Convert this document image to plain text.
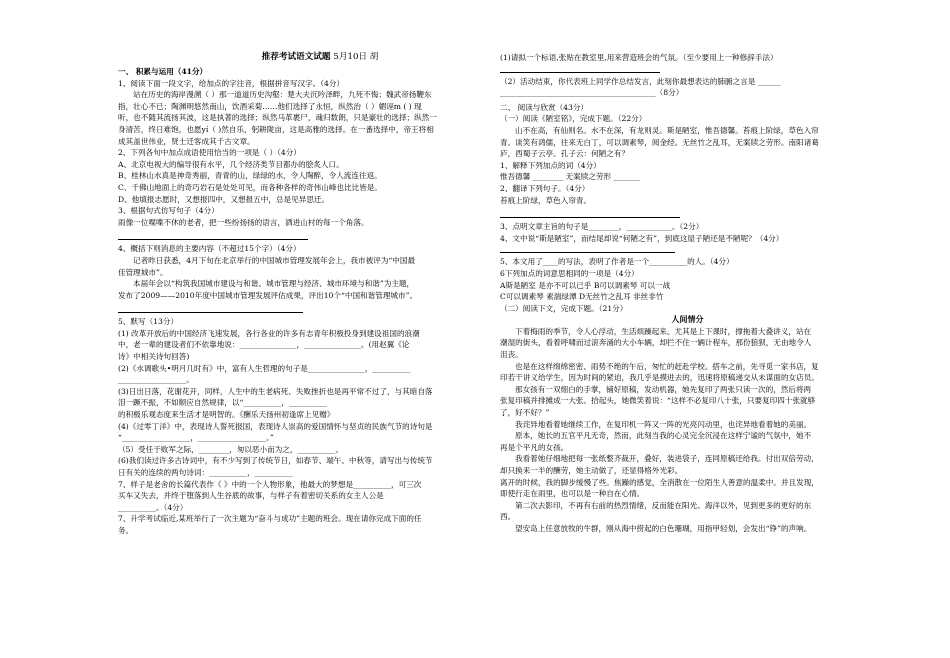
推荐考试语文试题 5月10日 胡
一、 积累与运用（41分）
1、阅读下面一段文字，给加点的字注音，根据拼音写汉字。（4分）
站在历史的海岸漫溯（ ）那一道道历史沟壑：楚大夫沉吟泽畔，九死不悔；魏武帝扬鞭东
指，壮心不已；陶渊明悠然南山，饮酒采菊……他们选择了永恒，纵然治（ ）媚诬m ( ) 现
听，也不随其流扬其波，这是执著的选择；纵然马革裹尸，魂归数朗，只是豪壮的选择；纵然一
身清苦，终日难饱，也愿yí（ )然自乐，躬耕陇亩，这是高雅的选择。在一番选择中，帝王将相
成其盖世伟业，贤士迁客成其千古文章。
2、下列各句中加点成语使用恰当的一项是（ ）（4分）
A、北京电视大的编导很有水平，几个经济类节目都办的脍炙人口。
B、桂林山水真是神奇秀丽，青青的山，绿绿的水，令人陶醉，令人流连往返。
C、千佛山地面上的奇巧岩石是处处可见，而各种各样的奇伟山峰也比比皆是。
D、他填报志愿时，又想报四中，又想报五中，总是见异思迁。
3、根据句式仿写句子（4分）
雨像一位喋喋不休的老者，把一些纷扬扬的语言，洒进山村的每一个角落。
4、概括下则消息的主要内容（不超过15个字）（4分）
记者昨日获悉，4月下旬在北京举行的中国城市管理发展年会上，我市被评为“中国最
佳管理城市”。
本届年会以“构筑我国城市建设与和谐、城市管理与经济、城市环境与和谐”为主题，
发布了2009——2010年度中国城市管理发展评估成果，评出10个“中国和谐管理城市”。
5、默写（13分）
(1) 改革开放后的中国经济飞速发展，各行各业的许多有志青年积极投身到建设祖国的浪潮
中，老一辈的建设者们不依靠地说：_______________，_______________。(用赵翼《论
诗》中相关诗句回答)
(2)《水调歌头•明月几时有》中，富有人生哲理的句子是_______________，__________
__________________。
(3)日出日落，花谢花开，同样，人生中的生老病死、失败挫折也是再平常不过了，与其暗自落
泪一蹶不振，不如顺应自然规律，以“__________，__________
的积极乐观态度来生活才是明智的。《酬乐天扬州初逢席上见赠》
(4)《过零丁洋》中，表现诗人誓死报国，表现诗人崇高的爱国情怀与坚贞的民族气节的诗句是
“__________________，__________________。”
（5）受任于败军之际，________，匆以恶小而为之，__________。
(6)我们读过许多古诗词中，有不少写到了传统节日，如春节、端午、中秋等，请写出与传统节
日有关的连续的两句诗词：__________，__________
7、样子是老舍的长篇代表作《 》中的一个人物形象，他最大的梦想是__________，可三次
买车又失去，并终于堕落到人生谷底的故事，与样子有着密切关系的女主人公是
__________。（4分）
7、升学考试临近,某班举行了一次主题为“奋斗与成功”主题的班会。现在请你完成下面的任
务。
(1)请拟一个标语,张贴在教室里,用来营造班会的气氛。（至少要用上一种修辞手法）
（2）活动结束，你代表班上同学作总结发言，此刻你最想表达的肺腑之言是 ______
_________________________________________（8分）
二、 阅读与欣赏（43分）
（一）阅读《陋室铭》，完成下题。（22分）
山不在高，有仙则名。水不在深，有龙则灵。斯是陋室，惟吾德馨。苔痕上阶绿，草色入帘
青。谈笑有鸿儒，往来无白丁，可以调素琴，阅金经。无丝竹之乱耳，无案牍之劳形。南阳诸葛
庐，西蜀子云亭。孔子云：何陋之有？
1、解释下列加点的词（4分）
惟吾德馨 ________ 无案牍之劳形 _______
2、翻译下列句子。（4分）
苔痕上阶绿，草色入帘青。
3、点明文章主旨的句子是________，____________。（2分）
4、文中说“斯是陋室”，而结尾却说“何陋之有”，到底这屋子陋还是不陋呢？（4分）
5、本文用了____的写法，表明了作者是一个__________的人。（4分）
6下列加点的词意思相同的一项是（4分）
A斯是陋室 是亦不可以已乎 B可以调素琴 可以一战
C可以调素琴 素湍绿潭 D无丝竹之乱耳 非丝非竹
（二）阅读下文，完成下题。（21分）
人间情分
下着梅雨的季节，令人心浮动，生活烦躁起来。尤其是上下课时，撑拖着大叠讲义，站在
潮湿的街头，看着呼啸而过滚奔涌的大小车辆，却拦不住一辆计程车，那份狼狈，无由地令人
沮丧。
也是在这样绵绵密密、雨势不绝的午后，匆忙的赶赴学校。搭车之前，先寻觅一家书店，复
印若干讲义给学生，因为时间的紧迫，我几乎是摸进去的，迅速将原稿递交从未谋面的女店员。
那女孩有一双细白的手掌，铺好原稿，发动机器，她先复印了两张只读一次的，然后将两
张复印稿并排摊成一大张。拾起头，她微笑着说：“这样不必复印八十张，只要复印四十张就够
了，好不好？”
我诧异地看着她继续工作，在复印机一阵又一阵的光亮闪动里，也诧异地看着她的美丽。
原本，她长的五官平凡无奇，然而，此刻当我的心灵完全沉浸在这样宁谧的气氛中，她不
再是个平凡的女孩。
我看着她仔细地把每一张纸整齐裁开，叠好，装进袋子，连同原稿还给我。付出双倍劳动，
却只换来一半的酬劳，她主动做了，还显得格外光彩。
离开的时候，我的脚步缓慢了些。焦躁的感觉，全消散在一位陌生人善意的温柔中。并且发现，
即使行走在雨里，也可以是一种自在心情。
第二次去影印，不再有右前的热烈情绪，反而能在阳光、海洋以外，见到更多的更好的东
西。
望安岛上任意放牧的牛群，刚从海中捞起的白色珊瑚，用指甲轻划，会发出“铮”的声响。
